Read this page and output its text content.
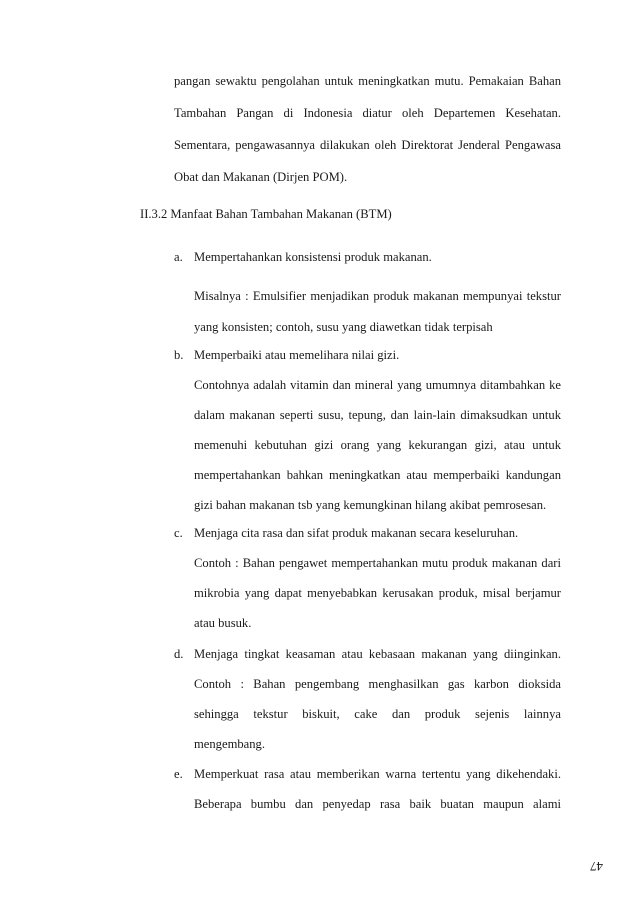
pangan sewaktu pengolahan untuk meningkatkan mutu. Pemakaian Bahan
Tambahan Pangan di Indonesia diatur oleh Departemen Kesehatan.
Sementara, pengawasannya dilakukan oleh Direktorat Jenderal Pengawasa
Obat dan Makanan (Dirjen POM).
II.3.2 Manfaat Bahan Tambahan Makanan (BTM)
a. Mempertahankan konsistensi produk makanan.
Misalnya : Emulsifier menjadikan produk makanan mempunyai tekstur
yang konsisten; contoh, susu yang diawetkan tidak terpisah
b. Memperbaiki atau memelihara nilai gizi.
Contohnya adalah vitamin dan mineral yang umumnya ditambahkan ke
dalam makanan seperti susu, tepung, dan lain-lain dimaksudkan untuk
memenuhi kebutuhan gizi orang yang kekurangan gizi, atau untuk
mempertahankan bahkan meningkatkan atau memperbaiki kandungan
gizi bahan makanan tsb yang kemungkinan hilang akibat pemrosesan.
c. Menjaga cita rasa dan sifat produk makanan secara keseluruhan.
Contoh : Bahan pengawet mempertahankan mutu produk makanan dari
mikrobia yang dapat menyebabkan kerusakan produk, misal berjamur
atau busuk.
d. Menjaga tingkat keasaman atau kebasaan makanan yang diinginkan.
Contoh : Bahan pengembang menghasilkan gas karbon dioksida
sehingga tekstur biskuit, cake dan produk sejenis lainnya
mengembang.
e. Memperkuat rasa atau memberikan warna tertentu yang dikehendaki.
Beberapa bumbu dan penyedap rasa baik buatan maupun alami
47
